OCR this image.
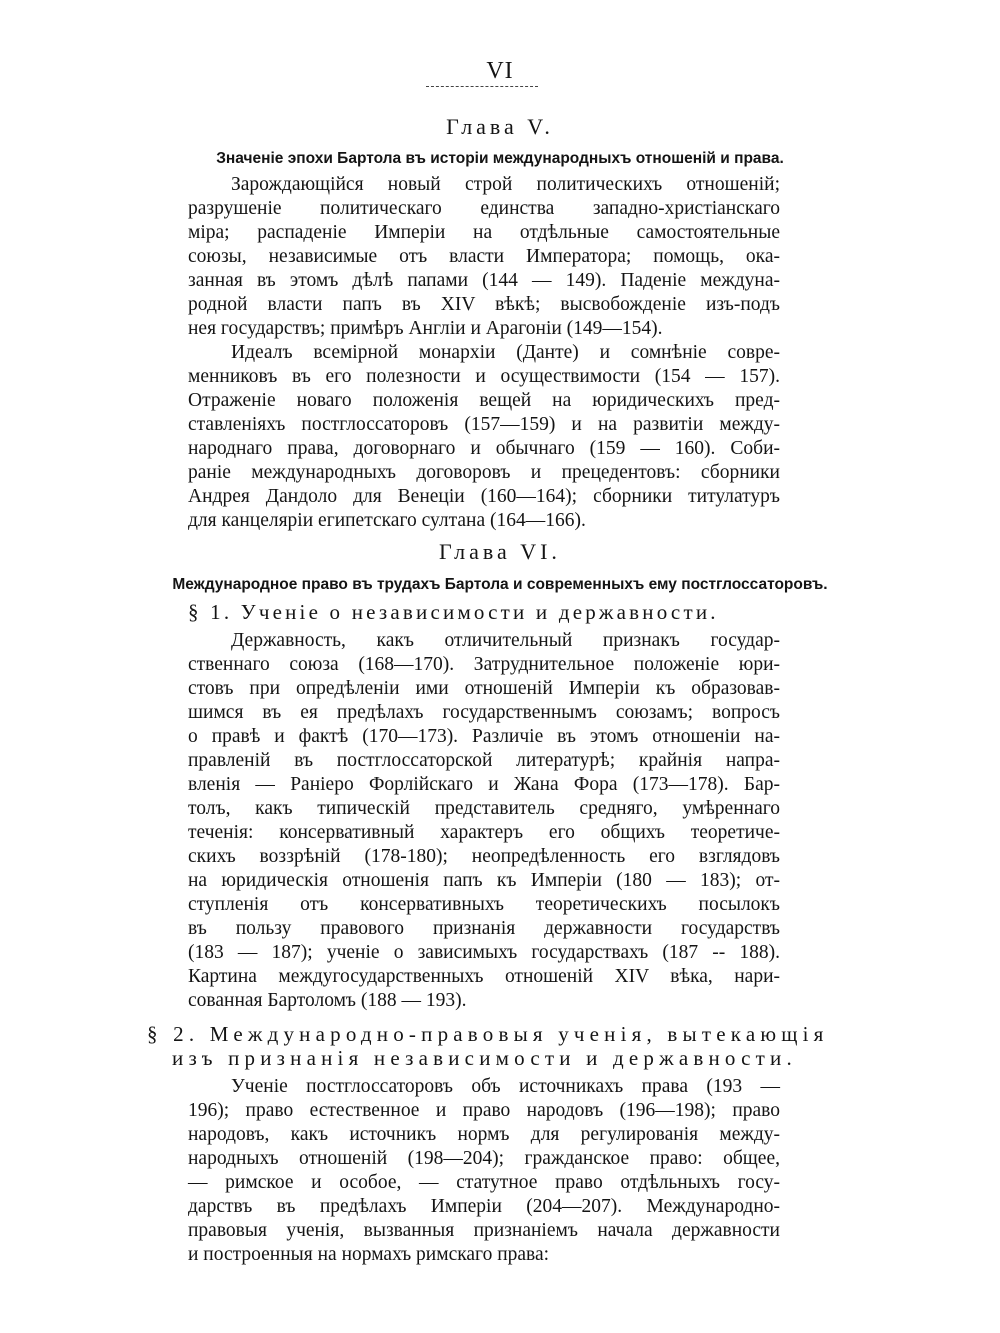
VI
Глава V.
Значеніе эпохи Бартола въ исторіи международныхъ отношеній и права.
Зарождающійся новый строй политическихъ отношеній;
разрушеніе политическаго единства западно-христіанскаго
міра; распаденіе Имперіи на отдѣльные самостоятельные
союзы, независимые отъ власти Императора; помощь, ока-
занная въ этомъ дѣлѣ папами (144 — 149). Паденіе междуна-
родной власти папъ въ XIV вѣкѣ; высвобожденіе изъ-подъ
нея государствъ; примѣръ Англіи и Арагоніи (149—154).
Идеалъ всемірной монархіи (Данте) и сомнѣніе совре-
менниковъ въ его полезности и осуществимости (154 — 157).
Отраженіе новаго положенія вещей на юридическихъ пред-
ставленіяхъ постглоссаторовъ (157—159) и на развитіи между-
народнаго права, договорнаго и обычнаго (159 — 160). Соби-
раніе международныхъ договоровъ и прецедентовъ: сборники
Андрея Дандоло для Венеціи (160—164); сборники титулатуръ
для канцеляріи египетскаго султана (164—166).
Глава VI.
Международное право въ трудахъ Бартола и современныхъ ему постглоссаторовъ.
§ 1. Ученіе о независимости и державности.
Державность, какъ отличительный признакъ государ-
ственнаго союза (168—170). Затруднительное положеніе юри-
стовъ при опредѣленіи ими отношеній Имперіи къ образовав-
шимся въ ея предѣлахъ государственнымъ союзамъ; вопросъ
о правѣ и фактѣ (170—173). Различіе въ этомъ отношеніи на-
правленій въ постглоссаторской литературѣ; крайнія напра-
вленія — Раніеро Форлійскаго и Жана Фора (173—178). Бар-
толъ, какъ типическій представитель средняго, умѣреннаго
теченія: консервативный характеръ его общихъ теоретиче-
скихъ воззрѣній (178-180); неопредѣленность его взглядовъ
на юридическія отношенія папъ къ Имперіи (180 — 183); от-
ступленія отъ консервативныхъ теоретическихъ посылокъ
въ пользу правового признанія державности государствъ
(183 — 187); ученіе о зависимыхъ государствахъ (187 -- 188).
Картина междугосударственныхъ отношеній XIV вѣка, нари-
сованная Бартоломъ (188 — 193).
§ 2. Международно-правовыя ученія, вытекающія
изъ признанія независимости и державности.
Ученіе постглоссаторовъ объ источникахъ права (193 —
196); право естественное и право народовъ (196—198); право
народовъ, какъ источникъ нормъ для регулированія между-
народныхъ отношеній (198—204); гражданское право: общее,
— римское и особое, — статутное право отдѣльныхъ госу-
дарствъ въ предѣлахъ Имперіи (204—207). Международно-
правовыя ученія, вызванныя признаніемъ начала державности
и построенныя на нормахъ римскаго права:
